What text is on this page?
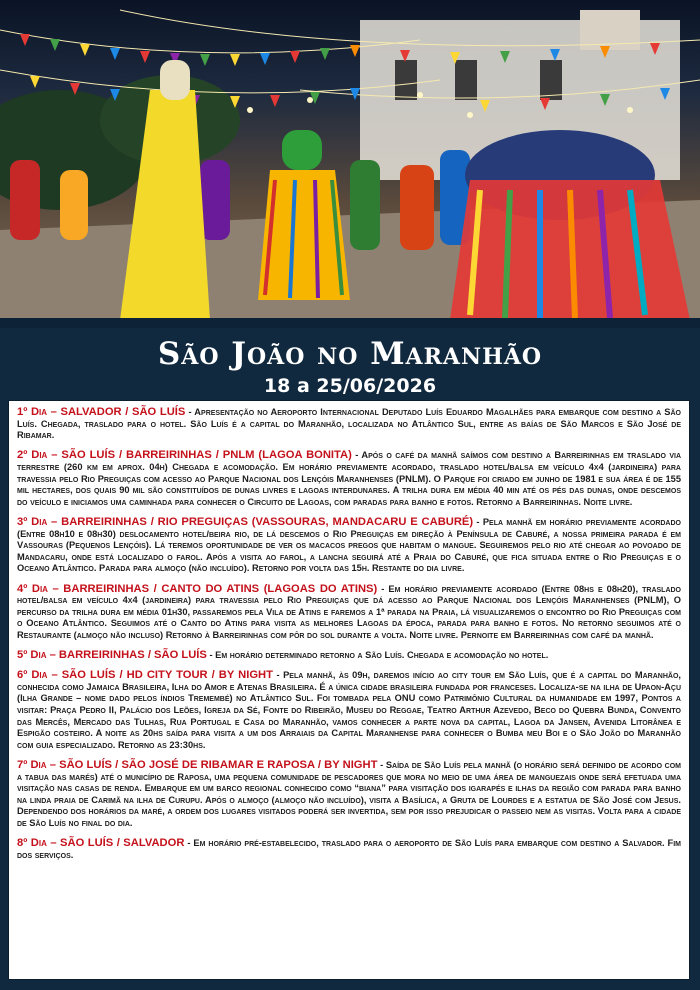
São João no Maranhão
18 a 25/06/2026

1º Dia – SALVADOR / SÃO LUÍS - Apresentação no Aeroporto Internacional Deputado Luís Eduardo Magalhães para embarque com destino a São Luís. Chegada, traslado para o hotel. São Luís é a capital do Maranhão, localizada no Atlântico Sul, entre as baías de São Marcos e São José de Ribamar.

2º Dia – SÃO LUÍS / BARREIRINHAS / PNLM (LAGOA BONITA) - Após o café da manhã saímos com destino a Barreirinhas em traslado via terrestre (260 km em aprox. 04h) Chegada e acomodação. Em horário previamente acordado, traslado hotel/balsa em veículo 4x4 (jardineira) para travessia pelo Rio Preguiças com acesso ao Parque Nacional dos Lençóis Maranhenses (PNLM). O Parque foi criado em junho de 1981 e sua área é de 155 mil hectares, dos quais 90 mil são constituídos de dunas livres e lagoas interdunares. A trilha dura em média 40 min até os pés das dunas, onde descemos do veículo e iniciamos uma caminhada para conhecer o Circuito de Lagoas, com paradas para banho e fotos. Retorno a Barreirinhas. Noite livre.

3º Dia – BARREIRINHAS / RIO PREGUIÇAS (VASSOURAS, MANDACARU E CABURÉ) - Pela manhã em horário previamente acordado (Entre 08h10 e 08h30) deslocamento hotel/beira rio, de lá descemos o Rio Preguiças em direção à Península de Caburé, a nossa primeira parada é em Vassouras (Pequenos Lençóis). Lá teremos oportunidade de ver os macacos pregos que habitam o mangue. Seguiremos pelo rio até chegar ao povoado de Mandacaru, onde está localizado o farol. Após a visita ao farol, a lancha seguirá até a Praia do Caburé, que fica situada entre o Rio Preguiças e o Oceano Atlântico. Parada para almoço (não incluído). Retorno por volta das 15h. Restante do dia livre.

4º Dia – BARREIRINHAS / CANTO DO ATINS (LAGOAS DO ATINS) - Em horário previamente acordado (Entre 08hs e 08h20), traslado hotel/balsa em veículo 4x4 (jardineira) para travessia pelo Rio Preguiças que dá acesso ao Parque Nacional dos Lençóis Maranhenses (PNLM), O percurso da trilha dura em média 01h30, passaremos pela Vila de Atins e faremos a 1ª parada na Praia, lá visualizaremos o encontro do Rio Preguiças com o Oceano Atlântico. Seguimos até o Canto do Atins para visita as melhores Lagoas da época, parada para banho e fotos. No retorno seguimos até o Restaurante (almoço não incluso) Retorno à Barreirinhas com pôr do sol durante a volta. Noite livre. Pernoite em Barreirinhas com café da manhã.

5º Dia – BARREIRINHAS / SÃO LUÍS - Em horário determinado retorno a São Luís. Chegada e acomodação no hotel.

6º Dia – SÃO LUÍS / HD CITY TOUR / BY NIGHT - Pela manhã, às 09h, daremos início ao city tour em São Luís, que é a capital do Maranhão, conhecida como Jamaica Brasileira, Ilha do Amor e Atenas Brasileira. É a única cidade brasileira fundada por franceses. Localiza-se na ilha de Upaon-Açu (Ilha Grande – nome dado pelos índios Tremembé) no Atlântico Sul. Foi tombada pela ONU como Patrimônio Cultural da humanidade em 1997, Pontos a visitar: Praça Pedro II, Palácio dos Leões, Igreja da Sé, Fonte do Ribeirão, Museu do Reggae, Teatro Arthur Azevedo, Beco do Quebra Bunda, Convento das Mercês, Mercado das Tulhas, Rua Portugal e Casa do Maranhão, vamos conhecer a parte nova da capital, Lagoa da Jansen, Avenida Litorânea e Espigão costeiro. A noite as 20hs saída para visita a um dos Arraiais da Capital Maranhense para conhecer o Bumba meu Boi e o São João do Maranhão com guia especializado. Retorno as 23:30hs.

7º Dia – SÃO LUÍS / SÃO JOSÉ DE RIBAMAR E RAPOSA / BY NIGHT - Saída de São Luís pela manhã (o horário será definido de acordo com a tabua das marés) até o município de Raposa, uma pequena comunidade de pescadores que mora no meio de uma área de manguezais onde será efetuada uma visitação nas casas de renda. Embarque em um barco regional conhecido como “biana” para visitação dos igarapés e ilhas da região com parada para banho na linda praia de Carimã na ilha de Curupu. Após o almoço (almoço não incluído), visita a Basílica, a Gruta de Lourdes e a estatua de São José com Jesus. Dependendo dos horários da maré, a ordem dos lugares visitados poderá ser invertida, sem por isso prejudicar o passeio nem as visitas. Volta para a cidade de São Luís no final do dia.

8º Dia – SÃO LUÍS / SALVADOR - Em horário pré-estabelecido, traslado para o aeroporto de São Luís para embarque com destino a Salvador. Fim dos serviços.
